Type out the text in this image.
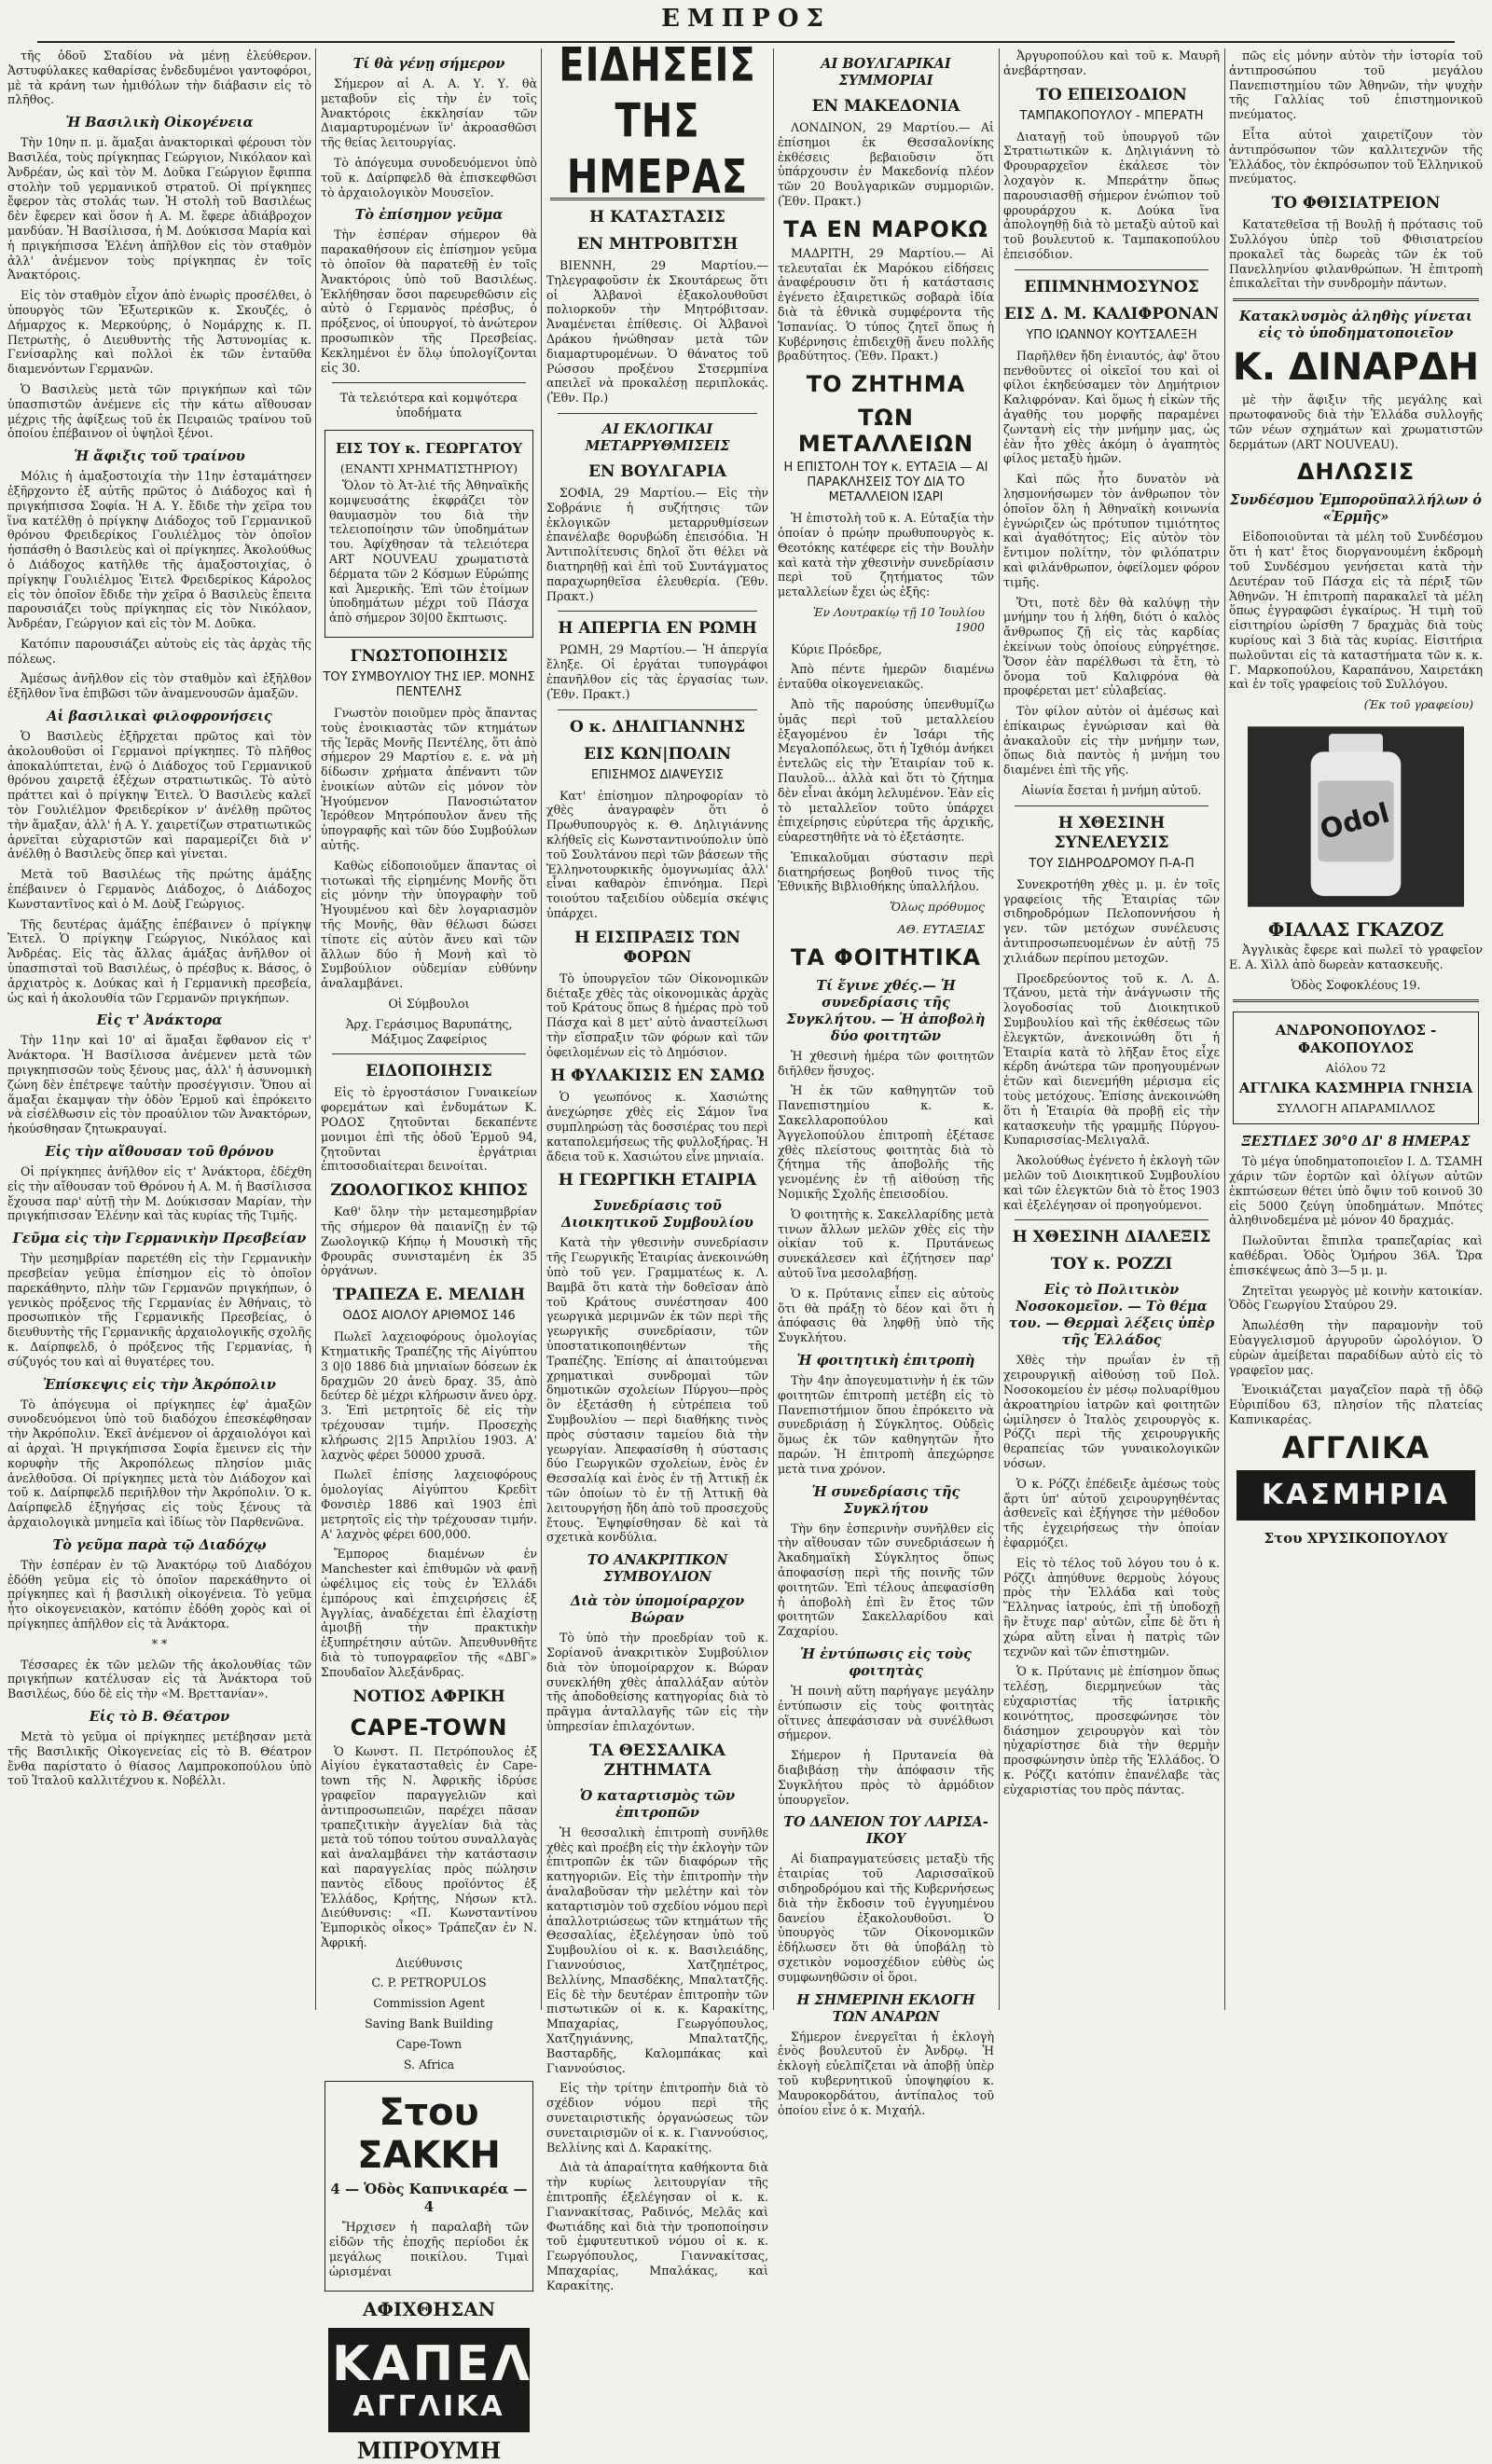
ΕΜΠΡΟΣ

τῆς ὁδοῦ Σταδίου νὰ μένῃ ἐλεύθερον. Ἀστυφύλακες καθαρίσας ἐνδεδυμένοι γαντοφόροι, μὲ τὰ κράνη των ἡμιθόλων τὴν διάβασιν εἰς τὸ πλῆθος.

Ἡ Βασιλικὴ Οἰκογένεια

Τὴν 10ην π. μ. ἅμαξαι ἀνακτορικαὶ φέρουσι τὸν Βασιλέα, τοὺς πρίγκηπας Γεώργιον, Νικόλαον καὶ Ἀνδρέαν, ὡς καὶ τὸν Μ. Δοῦκα Γεώργιον ἔφιππα στολὴν τοῦ γερμανικοῦ στρατοῦ. Οἱ πρίγκηπες ἔφερον τὰς στολάς των. Ἡ στολὴ τοῦ Βασιλέως δὲν ἔφερεν καὶ ὅσον ἡ Α. Μ. ἔφερε ἀδιάβροχον μανδύαν. Ἡ Βασίλισσα, ἡ Μ. Δούκισσα Μαρία καὶ ἡ πριγκήπισσα Ἑλένη ἀπῆλθον εἰς τὸν σταθμὸν ἀλλ' ἀνέμενον τοὺς πρίγκηπας ἐν τοῖς Ἀνακτόροις.

Εἰς τὸν σταθμὸν εἶχον ἀπὸ ἐνωρὶς προσέλθει, ὁ ὑπουργὸς τῶν Ἐξωτερικῶν κ. Σκουζές, ὁ Δήμαρχος κ. Μερκούρης, ὁ Νομάρχης κ. Π. Πετρωτὴς, ὁ Διευθυντὴς τῆς Ἀστυνομίας κ. Γενίσαρλης καὶ πολλοὶ ἐκ τῶν ἐνταῦθα διαμενόντων Γερμανῶν.

Ὁ Βασιλεὺς μετὰ τῶν πριγκήπων καὶ τῶν ὑπασπιστῶν ἀνέμενε εἰς τὴν κάτω αἴθουσαν μέχρις τῆς ἀφίξεως τοῦ ἐκ Πειραιῶς τραίνου τοῦ ὁποίου ἐπέβαινον οἱ ὑψηλοὶ ξένοι.

Ἡ ἄφιξις τοῦ τραίνου

Μόλις ἡ ἁμαξοστοιχία τὴν 11ην ἐσταμάτησεν ἐξῆρχοντο ἐξ αὐτῆς πρῶτος ὁ Διάδοχος καὶ ἡ πριγκήπισσα Σοφία. Ἡ Α. Υ. ἔδιδε τὴν χεῖρα του ἵνα κατέλθῃ ὁ πρίγκηψ Διάδοχος τοῦ Γερμανικοῦ θρόνου Φρειδερίκος Γουλιέλμος τὸν ὁποῖον ἠσπάσθη ὁ Βασιλεὺς καὶ οἱ πρίγκηπες. Ἀκολούθως ὁ Διάδοχος κατῆλθε τῆς ἁμαξοστοιχίας, ὁ πρίγκηψ Γουλιέλμος Ἐιτελ Φρειδερίκος Κάρολος εἰς τὸν ὁποῖον ἔδιδε τὴν χεῖρα ὁ Βασιλεὺς ἔπειτα παρουσιάζει τοὺς πρίγκηπας εἰς τὸν Νικόλαον, Ἀνδρέαν, Γεώργιον καὶ εἰς τὸν Μ. Δοῦκα.

Κατόπιν παρουσιάζει αὐτοὺς εἰς τὰς ἀρχὰς τῆς πόλεως.

Ἀμέσως ἀνῆλθον εἰς τὸν σταθμὸν καὶ ἐξῆλθον ἐξῆλθον ἵνα ἐπιβῶσι τῶν ἀναμενουσῶν ἁμαξῶν.

Αἱ βασιλικαὶ φιλοφρονήσεις

Ὁ Βασιλεὺς ἐξῆρχεται πρῶτος καὶ τὸν ἀκολουθοῦσι οἱ Γερμανοὶ πρίγκηπες. Τὸ πλῆθος ἀποκαλύπτεται, ἐνῷ ὁ Διάδοχος τοῦ Γερμανικοῦ θρόνου χαιρετᾷ ἐξέχων στρατιωτικῶς. Τὸ αὐτὸ πράττει καὶ ὁ πρίγκηψ Ἐιτελ. Ὁ Βασιλεὺς καλεῖ τὸν Γουλιέλμον Φρειδερίκον ν' ἀνέλθῃ πρῶτος τὴν ἅμαξαν, ἀλλ' ἡ Α. Υ. χαιρετίζων στρατιωτικῶς ἀρνεῖται εὐχαριστῶν καὶ παραμερίζει διὰ ν' ἀνέλθῃ ὁ Βασιλεὺς ὅπερ καὶ γίνεται.

Μετὰ τοῦ Βασιλέως τῆς πρώτης ἁμάξης ἐπέβαινεν ὁ Γερμανὸς Διάδοχος, ὁ Διάδοχος Κωνσταντῖνος καὶ ὁ Μ. Δοὺξ Γεώργιος.

Τῆς δευτέρας ἁμάξης ἐπέβαινεν ὁ πρίγκηψ Ἐιτελ. Ὁ πρίγκηψ Γεώργιος, Νικόλαος καὶ Ἀνδρέας. Εἰς τὰς ἄλλας ἁμάξας ἀνῆλθον οἱ ὑπασπισταὶ τοῦ Βασιλέως, ὁ πρέσβυς κ. Βάσος, ὁ ἀρχιατρὸς κ. Δούκας καὶ ἡ Γερμανικὴ πρεσβεία, ὡς καὶ ἡ ἀκολουθία τῶν Γερμανῶν πριγκήπων.

Εἰς τ' Ἀνάκτορα

Τὴν 11ην καὶ 10' αἱ ἅμαξαι ἔφθανον εἰς τ' Ἀνάκτορα. Ἡ Βασίλισσα ἀνέμενεν μετὰ τῶν πριγκηπισσῶν τοὺς ξένους μας, ἀλλ' ἡ ἀσυνομικὴ ζώνη δὲν ἐπέτρεψε ταὐτὴν προσέγγισιν. Ὅπου αἱ ἅμαξαι ἐκαμψαν τὴν ὁδὸν Ἑρμοῦ καὶ ἐπρόκειτο νὰ εἰσέλθωσιν εἰς τὸν προαύλιον τῶν Ἀνακτόρων, ἠκούσθησαν ζητωκραυγαί.

Εἰς τὴν αἴθουσαν τοῦ θρόνου

Οἱ πρίγκηπες ἀνῆλθον εἰς τ' Ἀνάκτορα, ἐδέχθη εἰς τὴν αἴθουσαν τοῦ Θρόνου ἡ Α. Μ. ἡ Βασίλισσα ἔχουσα παρ' αὐτῇ τὴν Μ. Δούκισσαν Μαρίαν, τὴν πριγκήπισσαν Ἑλένην καὶ τὰς κυρίας τῆς Τιμῆς.

Γεῦμα εἰς τὴν Γερμανικὴν Πρεσβείαν

Τὴν μεσημβρίαν παρετέθη εἰς τὴν Γερμανικὴν πρεσβείαν γεῦμα ἐπίσημον εἰς τὸ ὁποῖον παρεκάθηντο, πλὴν τῶν Γερμανῶν πριγκήπων, ὁ γενικὸς πρόξενος τῆς Γερμανίας ἐν Ἀθήναις, τὸ προσωπικὸν τῆς Γερμανικῆς Πρεσβείας, ὁ διευθυντὴς τῆς Γερμανικῆς ἀρχαιολογικῆς σχολῆς κ. Δαίρπφελδ, ὁ πρόξενος τῆς Γερμανίας, ἡ σύζυγός του καὶ αἱ θυγατέρες του.

Ἐπίσκεψις εἰς τὴν Ἀκρόπολιν

Τὸ ἀπόγευμα οἱ πρίγκηπες ἐφ' ἁμαξῶν συνοδευόμενοι ὑπὸ τοῦ διαδόχου ἐπεσκέφθησαν τὴν Ἀκρόπολιν. Ἐκεῖ ἀνέμενον οἱ ἀρχαιολόγοι καὶ αἱ ἀρχαὶ. Ἡ πριγκήπισσα Σοφία ἔμεινεν εἰς τὴν κορυφὴν τῆς Ἀκροπόλεως πλησίον μιᾶς ἀνελθοῦσα. Οἱ πρίγκηπες μετὰ τὸν Διάδοχον καὶ τοῦ κ. Δαίρπφελδ περιῆλθον τὴν Ἀκρόπολιν. Ὁ κ. Δαίρπφελδ ἐξηγήσας εἰς τοὺς ξένους τὰ ἀρχαιολογικὰ μνημεῖα καὶ ἰδίως τὸν Παρθενῶνα.

Τὸ γεῦμα παρὰ τῷ Διαδόχῳ

Τὴν ἑσπέραν ἐν τῷ Ἀνακτόρῳ τοῦ Διαδόχου ἐδόθη γεῦμα εἰς τὸ ὁποῖον παρεκάθηντο οἱ πρίγκηπες καὶ ἡ βασιλικὴ οἰκογένεια. Τὸ γεῦμα ἦτο οἰκογενειακὸν, κατόπιν ἐδόθη χορὸς καὶ οἱ πρίγκηπες ἀπῆλθον εἰς τὰ Ἀνάκτορα.

* *

Τέσσαρες ἐκ τῶν μελῶν τῆς ἀκολουθίας τῶν πριγκήπων κατέλυσαν εἰς τὰ Ἀνάκτορα τοῦ Βασιλέως, δύο δὲ εἰς τὴν «Μ. Βρεττανίαν».

Εἰς τὸ Β. Θέατρον

Μετὰ τὸ γεῦμα οἱ πρίγκηπες μετέβησαν μετὰ τῆς Βασιλικῆς Οἰκογενείας εἰς τὸ Β. Θέατρον ἔνθα παρίστατο ὁ θίασος Λαμπροκοπούλου ὑπὸ τοῦ Ἰταλοῦ καλλιτέχνου κ. Νοβέλλι.

Τί θὰ γένῃ σήμερον

Σήμερον αἱ Α. Α. Υ. Υ. θὰ μεταβοῦν εἰς τὴν ἐν τοῖς Ἀνακτόροις ἐκκλησίαν τῶν Διαμαρτυρομένων ἵν' ἀκροασθῶσι τῆς θείας λειτουργίας.

Τὸ ἀπόγευμα συνοδευόμενοι ὑπὸ τοῦ κ. Δαίρπφελδ θὰ ἐπισκεφθῶσι τὸ ἀρχαιολογικὸν Μουσεῖον.

Τὸ ἐπίσημον γεῦμα

Τὴν ἑσπέραν σήμερον θὰ παρακαθήσουν εἰς ἐπίσημον γεῦμα τὸ ὁποῖον θὰ παρατεθῇ ἐν τοῖς Ἀνακτόροις ὑπὸ τοῦ Βασιλέως. Ἐκλήθησαν ὅσοι παρευρεθῶσιν εἰς αὐτὸ ὁ Γερμανὸς πρέσβυς, ὁ πρόξενος, οἱ ὑπουργοί, τὸ ἀνώτερον προσωπικὸν τῆς Πρεσβείας. Κεκλημένοι ἐν ὅλῳ ὑπολογίζονται εἰς 30.

Τὰ τελειότερα καὶ κομψότερα ὑποδήματα

ΕΙΣ ΤΟΥ κ. ΓΕΩΡΓΑΤΟΥ
(ΕΝΑΝΤΙ ΧΡΗΜΑΤΙΣΤΗΡΙΟΥ)

Ὅλον τὸ Ἀτ-λιέ τῆς Ἀθηναϊκῆς κομψευσάτης ἐκφράζει τὸν θαυμασμὸν του διὰ τὴν τελειοποίησιν τῶν ὑποδημάτων του. Ἀφίχθησαν τὰ τελειότερα ART NOUVEAU χρωματιστὰ δέρματα τῶν 2 Κόσμων Εὐρώπης καὶ Ἀμερικῆς. Ἐπὶ τῶν ἐτοίμων ὑποδημάτων μέχρι τοῦ Πάσχα ἀπὸ σήμερον 30|00 ἔκπτωσις.

ΓΝΩΣΤΟΠΟΙΗΣΙΣ
ΤΟΥ ΣΥΜΒΟΥΛΙΟΥ ΤΗΣ ΙΕΡ. ΜΟΝΗΣ ΠΕΝΤΕΛΗΣ

Γνωστὸν ποιοῦμεν πρὸς ἅπαντας τοὺς ἐνοικιαστὰς τῶν κτημάτων τῆς Ἱερᾶς Μονῆς Πεντέλης, ὅτι ἀπὸ σήμερον 29 Μαρτίου ε. ε. νὰ μὴ δίδωσιν χρήματα ἀπέναντι τῶν ἐνοικίων αὐτῶν εἰς μόνον τὸν Ἡγούμενον Πανοσιώτατον Ἱερόθεον Μητρόπουλον ἄνευ τῆς ὑπογραφῆς καὶ τῶν δύο Συμβούλων αὐτῆς.

Καθὼς εἰδοποιοῦμεν ἅπαντας οἱ τιοτωκαὶ τῆς εἰρημένης Μονῆς ὅτι εἰς μόνην τὴν ὑπογραφὴν τοῦ Ἡγουμένου καὶ δὲν λογαριασμὸν τῆς Μονῆς, θὰν θέλωσι δώσει τίποτε εἰς αὐτὸν ἄνευ καὶ τῶν ἄλλων δύο ἡ Μονὴ καὶ τὸ Συμβούλιον οὐδεμίαν εὐθύνην ἀναλαμβάνει.

Οἱ Σύμβουλοι

Ἀρχ. Γεράσιμος Βαρυπάτης, Μάξιμος Ζαφείριος

ΕΙΔΟΠΟΙΗΣΙΣ

Εἰς τὸ ἐργοστάσιον Γυναικείων φορεμάτων καὶ ἐνδυμάτων Κ. ΡΟΔΟΣ ζητοῦνται δεκαπέντε μονιμοι ἐπὶ τῆς ὁδοῦ Ἑρμοῦ 94, ζητοῦνται ἐργάτριαι ἐπιτοσοδιαίτεραι δεινοίται.

ΖΩΟΛΟΓΙΚΟΣ ΚΗΠΟΣ

Καθ' ὅλην τὴν μεταμεσημβρίαν τῆς σήμερον θὰ παιανίζῃ ἐν τῷ Ζωολογικῷ Κήπῳ ἡ Μουσικὴ τῆς Φρουρᾶς συνισταμένη ἐκ 35 ὀργάνων.

ΤΡΑΠΕΖΑ Ε. ΜΕΛΙΔΗ
ΟΔΟΣ ΑΙΟΛΟΥ ΑΡΙΘΜΟΣ 146

Πωλεῖ λαχειοφόρους ὁμολογίας Κτηματικῆς Τραπέζης τῆς Αἰγύπτου 3 0|0 1886 διὰ μηνιαίων δόσεων ἐκ δραχμῶν 20 ἀνεὺ δραχ. 35, ἀπὸ δεύτερ δὲ μέχρι κλήρωσιν ἄνευ ὀρχ. 3. Ἐπὶ μετρητοῖς δὲ εἰς τὴν τρέχουσαν τιμήν. Προσεχὴς κλήρωσις 2|15 Ἀπριλίου 1903. Α' λαχνὸς φέρει 50000 χρυσᾶ.

Πωλεῖ ἐπίσης λαχειοφόρους ὁμολογίας Αἰγύπτου Κρεδὶτ Φονσιὲρ 1886 καὶ 1903 ἐπὶ μετρητοῖς εἰς τὴν τρέχουσαν τιμήν. Α' λαχνὸς φέρει 600,000.

Ἔμπορος διαμένων ἐν Manchester καὶ ἐπιθυμῶν νὰ φανῇ ὠφέλιμος εἰς τοὺς ἐν Ἑλλάδι ἐμπόρους καὶ ἐπιχειρήσεις ἐξ Ἀγγλίας, ἀναδέχεται ἐπὶ ἐλαχίστῃ ἀμοιβῇ τὴν πρακτικὴν ἐξυπηρέτησιν αὐτῶν. Ἀπευθυνθῆτε διὰ τὸ τυπογραφεῖον τῆς «ΔΒΓ» Σπουδαῖον Ἀλεξάνδρας.

ΝΟΤΙΟΣ ΑΦΡΙΚΗ
CAPE-TOWN

Ὁ Κωνστ. Π. Πετρόπουλος ἐξ Αἰγίου ἐγκατασταθεὶς ἐν Cape-town τῆς Ν. Ἀφρικῆς ἱδρύσε γραφεῖον παραγγελιῶν καὶ ἀντιπροσωπειῶν, παρέχει πᾶσαν τραπεζιτικὴν ἀγγελίαν διὰ τὰς μετὰ τοῦ τόπου τούτου συναλλαγὰς καὶ ἀναλαμβάνει τὴν κατάστασιν καὶ παραγγελίας πρὸς πώλησιν παντὸς εἴδους προϊόντος ἐξ Ἑλλάδος, Κρήτης, Νήσων κτλ. Διεύθυνσις: «Π. Κωνσταντίνου Ἐμπορικὸς οἶκος» Τράπεζαν ἐν Ν. Ἀφρική.

Διεύθυνσις

C. P. PETROPULOS

Commission Agent

Saving Bank Building

Cape-Town

S. Africa

Στου ΣΑΚΚΗ
4 — Ὁδὸς Καπνικαρέα — 4

Ἤρχισεν ἡ παραλαβὴ τῶν εἰδῶν τῆς ἐποχῆς περίοδοι ἐκ μεγάλως ποικίλου. Τιμαὶ ὡρισμέναι

ΑΦΙΧΘΗΣΑΝ
ΚΑΠΕΛΑ
ΑΓΓΛΙΚΑ
ΜΠΡΟΥΜΗ
ΕΙΔΗΣΕΙΣ ΤΗΣ ΗΜΕΡΑΣ
Η ΚΑΤΑΣΤΑΣΙΣ
ΕΝ ΜΗΤΡΟΒΙΤΣΗ

ΒΙΕΝΝΗ, 29 Μαρτίου.— Τηλεγραφοῦσιν ἐκ Σκουτάρεως ὅτι οἱ Ἀλβανοὶ ἐξακολουθοῦσι πολιορκοῦν τὴν Μητρόβιτσαν. Ἀναμένεται ἐπίθεσις. Οἱ Ἀλβανοὶ Δράκου ἠνώθησαν μετὰ τῶν διαμαρτυρομένων. Ὁ θάνατος τοῦ Ρώσσου προξένου Στσερμπίνα απειλεῖ νὰ προκαλέσῃ περιπλοκάς. (Ἐθν. Πρ.)

ΑΙ ΕΚΛΟΓΙΚΑΙ ΜΕΤΑΡΡΥΘΜΙΣΕΙΣ
ΕΝ ΒΟΥΛΓΑΡΙΑ

ΣΟΦΙΑ, 29 Μαρτίου.— Εἰς τὴν Σοβράνιε ἡ συζήτησις τῶν ἐκλογικῶν μεταρρυθμίσεων ἐπανέλαβε θορυβώδη ἐπεισόδια. Ἡ Ἀντιπολίτευσις δηλοῖ ὅτι θέλει νὰ διατηρηθῇ καὶ ἐπὶ τοῦ Συντάγματος παραχωρηθεῖσα ἐλευθερία. (Ἐθν. Πρακτ.)

Η ΑΠΕΡΓΙΑ ΕΝ ΡΩΜΗ

ΡΩΜΗ, 29 Μαρτίου.— Ἡ ἀπεργία ἔληξε. Οἱ ἐργάται τυπογράφοι ἐπανῆλθον εἰς τὰς ἐργασίας των. (Ἐθν. Πρακτ.)

Ο κ. ΔΗΛΙΓΙΑΝΝΗΣ
ΕΙΣ ΚΩΝ|ΠΟΛΙΝ
ΕΠΙΣΗΜΟΣ ΔΙΑΨΕΥΣΙΣ

Κατ' ἐπίσημον πληροφορίαν τὸ χθὲς ἀναγραφὲν ὅτι ὁ Πρωθυπουργὸς κ. Θ. Δηλιγιάννης κλήθεῖς εἰς Κωνσταντινούπολιν ὑπὸ τοῦ Σουλτάνου περὶ τῶν βάσεων τῆς Ἑλληνοτουρκικῆς ὁμογνωμίας ἀλλ' εἶναι καθαρὸν ἐπινόημα. Περὶ τοιούτου ταξειδίου οὐδεμία σκέψις ὑπάρχει.

Η ΕΙΣΠΡΑΞΙΣ ΤΩΝ ΦΟΡΩΝ

Τὸ ὑπουργεῖον τῶν Οἰκονομικῶν διέταξε χθὲς τὰς οἰκονομικὰς ἀρχὰς τοῦ Κράτους ὅπως 8 ἡμέρας πρὸ τοῦ Πάσχα καὶ 8 μετ' αὐτὸ ἀναστείλωσι τὴν εἴσπραξιν τῶν φόρων καὶ τῶν ὀφειλομένων εἰς τὸ Δημόσιον.

Η ΦΥΛΑΚΙΣΙΣ ΕΝ ΣΑΜΩ

Ὁ γεωπόνος κ. Χασιώτης ἀνεχώρησε χθὲς εἰς Σάμον ἵνα συμπληρώσῃ τὰς δοσσιέρας του περὶ καταπολεμήσεως τῆς φυλλοξήρας. Ἡ ἄδεια τοῦ κ. Χασιώτου εἶνε μηνιαία.

Η ΓΕΩΡΓΙΚΗ ΕΤΑΙΡΙΑ
Συνεδρίασις τοῦ Διοικητικοῦ Συμβουλίου

Κατὰ τὴν γθεσινὴν συνεδρίασιν τῆς Γεωργικῆς Ἑταιρίας ἀνεκοινώθη ὑπὸ τοῦ γεν. Γραμματέως κ. Λ. Βαμβᾶ ὅτι κατὰ τὴν δοθεῖσαν ἀπὸ τοῦ Κράτους συνέστησαν 400 γεωργικὰ μεριμνῶν ἐκ τῶν περὶ τῆς γεωργικῆς συνεδρίασιν, τῶν ὑποστατικοποιηθέντων τῆς Τραπέζης. Ἐπίσης αἱ ἀπαιτούμεναι χρηματικαὶ συνδρομαὶ τῶν δημοτικῶν σχολείων Πύργου—πρὸς ὃν ἐξετάσθη ἡ εὐτρέπεια τοῦ Συμβουλίου — περὶ διαθήκης τινὸς πρὸς σύστασιν ταμείου διὰ τὴν γεωργίαν. Ἀπεφασίσθη ἡ σύστασις δύο Γεωργικῶν σχολείων, ἑνὸς ἐν Θεσσαλίᾳ καὶ ἑνὸς ἐν τῇ Ἀττικῇ ἐκ τῶν ὁποίων τὸ ἐν τῇ Ἀττικῇ θὰ λειτουργήσῃ ἤδη ἀπὸ τοῦ προσεχοῦς ἔτους. Ἐψηφίσθησαν δὲ καὶ τὰ σχετικὰ κονδύλια.

ΤΟ ΑΝΑΚΡΙΤΙΚΟΝ ΣΥΜΒΟΥΛΙΟΝ
Διὰ τὸν ὑπομοίραρχον Βώραν

Τὸ ὑπὸ τὴν προεδρίαν τοῦ κ. Σορίανοῦ ἀνακριτικὸν Συμβούλιον διὰ τὸν ὑπομοίραρχον κ. Βώραν συνεκλήθη χθὲς ἀπαλλάξαν αὐτὸν τῆς ἀποδοθείσης κατηγορίας διὰ τὸ πρᾶγμα ἀνταλλαγῆς τῶν εἰς τὴν ὑπηρεσίαν ἐπιλαχόντων.

ΤΑ ΘΕΣΣΑΛΙΚΑ ΖΗΤΗΜΑΤΑ
Ὁ καταρτισμὸς τῶν ἐπιτροπῶν

Ἡ θεσσαλικὴ ἐπιτροπὴ συνῆλθε χθὲς καὶ προέβη εἰς τὴν ἐκλογὴν τῶν ἐπιτροπῶν ἐκ τῶν διαφόρων τῆς κατηγοριῶν. Εἰς τὴν ἐπιτροπὴν τὴν ἀναλαβοῦσαν τὴν μελέτην καὶ τὸν καταρτισμὸν τοῦ σχεδίου νόμου περὶ ἀπαλλοτριώσεως τῶν κτημάτων τῆς Θεσσαλίας, ἐξελέγησαν ὑπὸ τοῦ Συμβουλίου οἱ κ. κ. Βασιλειάδης, Γιαννούσιος, Χατζηπέτρος, Βελλίνης, Μπασδέκης, Μπαλτατζῆς. Εἰς δὲ τὴν δευτέραν ἐπιτροπὴν τῶν πιστωτικῶν οἱ κ. κ. Καρακίτης, Μπαχαρίας, Γεωργόπουλος, Χατζηγιάννης, Μπαλτατζῆς, Βασταρδῆς, Καλομπάκας καὶ Γιαννούσιος.

Εἰς τὴν τρίτην ἐπιτροπὴν διὰ τὸ σχέδιον νόμου περὶ τῆς συνεταιριστικῆς ὀργανώσεως τῶν συνεταιρισμῶν οἱ κ. κ. Γιαννούσιος, Βελλίνης καὶ Δ. Καρακίτης.

Διὰ τὰ ἀπαραίτητα καθήκοντα διὰ τὴν κυρίως λειτουργίαν τῆς ἐπιτροπῆς ἐξελέγησαν οἱ κ. κ. Γιαννακίτσας, Ραδινός, Μελᾶς καὶ Φωτιάδης καὶ διὰ τὴν τροποποίησιν τοῦ ἐμφυτευτικοῦ νόμου οἱ κ. κ. Γεωργόπουλος, Γιαννακίτσας, Μπαχαρίας, Μπαλάκας, καὶ Καρακίτης.

ΑΙ ΒΟΥΛΓΑΡΙΚΑΙ ΣΥΜΜΟΡΙΑΙ
ΕΝ ΜΑΚΕΔΟΝΙΑ

ΛΟΝΔΙΝΟΝ, 29 Μαρτίου.— Αἱ ἐπίσημοι ἐκ Θεσσαλονίκης ἐκθέσεις βεβαιοῦσιν ὅτι ὑπάρχουσιν ἐν Μακεδονίᾳ πλέον τῶν 20 Βουλγαρικῶν συμμοριῶν. (Ἐθν. Πρακτ.)

ΤΑ ΕΝ ΜΑΡΟΚΩ

ΜΑΔΡΙΤΗ, 29 Μαρτίου.— Αἱ τελευταῖαι ἐκ Μαρόκου εἰδήσεις ἀναφέρουσιν ὅτι ἡ κατάστασις ἐγένετο ἐξαιρετικῶς σοβαρὰ ἰδία διὰ τὰ ἐθνικὰ συμφέροντα τῆς Ἱσπανίας. Ὁ τύπος ζητεῖ ὅπως ἡ Κυβέρνησις ἐπιδειχθῇ ἄνευ πολλῆς βραδύτητος. (Ἐθν. Πρακτ.)

ΤΟ ΖΗΤΗΜΑ
ΤΩΝ ΜΕΤΑΛΛΕΙΩΝ
Η ΕΠΙΣΤΟΛΗ ΤΟΥ κ. ΕΥΤΑΞΙΑ — ΑΙ ΠΑΡΑΚΛΗΣΕΙΣ ΤΟΥ ΔΙΑ ΤΟ ΜΕΤΑΛΛΕΙΟΝ ΙΣΑΡΙ

Ἡ ἐπιστολὴ τοῦ κ. Α. Εὐταξία τὴν ὁποίαν ὁ πρώην πρωθυπουργὸς κ. Θεοτόκης κατέφερε εἰς τὴν Βουλὴν καὶ κατὰ τὴν χθεσινὴν συνεδρίασιν περὶ τοῦ ζητήματος τῶν μεταλλείων ἔχει ὡς ἑξῆς:

Ἐν Λουτρακίῳ τῇ 10 Ἰουλίου 1900

Κύριε Πρόεδρε,

Ἀπὸ πέντε ἡμερῶν διαμένω ἐνταῦθα οἰκογενειακῶς.

Ἀπὸ τῆς παρούσης ὑπενθυμίζω ὑμᾶς περὶ τοῦ μεταλλείου ἐξαγομένου ἐν Ἰσάρι τῆς Μεγαλοπόλεως, ὅτι ἡ Ἰχθιόμ ἀνήκει ἐντελῶς εἰς τὴν Ἑταιρίαν τοῦ κ. Παυλοῦ... ἀλλὰ καὶ ὅτι τὸ ζήτημα δὲν εἶναι ἀκόμη λελυμένον. Ἐὰν εἰς τὸ μεταλλεῖον τοῦτο ὑπάρχει ἐπιχείρησις εὐρύτερα τῆς ἀρχικῆς, εὐαρεστηθῆτε νὰ τὸ ἐξετάσητε.

Ἐπικαλοῦμαι σύστασιν περὶ διατηρήσεως βοηθοῦ τινος τῆς Ἐθνικῆς Βιβλιοθήκης ὑπαλλήλου.

Ὅλως πρόθυμος

ΑΘ. ΕΥΤΑΞΙΑΣ

ΤΑ ΦΟΙΤΗΤΙΚΑ
Τί ἔγινε χθές.— Ἡ συνεδρίασις τῆς Συγκλήτου. — Ἡ ἀποβολὴ δύο φοιτητῶν

Ἡ χθεσινὴ ἡμέρα τῶν φοιτητῶν διῆλθεν ἥσυχος.

Ἡ ἐκ τῶν καθηγητῶν τοῦ Πανεπιστημίου κ. κ. Σακελλαροπούλου καὶ Ἀγγελοπούλου ἐπιτροπὴ ἐξέτασε χθὲς πλείστους φοιτητὰς διὰ τὸ ζήτημα τῆς ἀποβολῆς τῆς γενομένης ἐν τῇ αἰθούσῃ τῆς Νομικῆς Σχολῆς ἐπεισοδίου.

Ὁ φοιτητὴς κ. Σακελλαρίδης μετὰ τινων ἄλλων μελῶν χθὲς εἰς τὴν οἰκίαν τοῦ κ. Πρυτάνεως συνεκάλεσεν καὶ ἐζήτησεν παρ' αὐτοῦ ἵνα μεσολαβήσῃ.

Ὁ κ. Πρύτανις εἶπεν εἰς αὐτοὺς ὅτι θὰ πράξῃ τὸ δέον καὶ ὅτι ἡ ἀπόφασις θὰ ληφθῇ ὑπὸ τῆς Συγκλήτου.

Ἡ φοιτητικὴ ἐπιτροπὴ

Τὴν 4ην ἀπογευματινὴν ἡ ἐκ τῶν φοιτητῶν ἐπιτροπὴ μετέβη εἰς τὸ Πανεπιστήμιον ὅπου ἐπρόκειτο νὰ συνεδριάσῃ ἡ Σύγκλητος. Οὐδεὶς ὅμως ἐκ τῶν καθηγητῶν ἦτο παρών. Ἡ ἐπιτροπὴ ἀπεχώρησε μετὰ τινα χρόνον.

Ἡ συνεδρίασις τῆς Συγκλήτου

Τὴν 6ην ἑσπερινὴν συνῆλθεν εἰς τὴν αἴθουσαν τῶν συνεδριάσεων ἡ Ἀκαδημαϊκὴ Σύγκλητος ὅπως ἀποφασίσῃ περὶ τῆς ποινῆς τῶν φοιτητῶν. Ἐπὶ τέλους ἀπεφασίσθη ἡ ἀποβολὴ ἐπὶ ἓν ἔτος τῶν φοιτητῶν Σακελλαρίδου καὶ Ζαχαρίου.

Ἡ ἐντύπωσις εἰς τοὺς φοιτητὰς

Ἡ ποινὴ αὕτη παρήγαγε μεγάλην ἐντύπωσιν εἰς τοὺς φοιτητὰς οἵτινες ἀπεφάσισαν νὰ συνέλθωσι σήμερον.

Σήμερον ἡ Πρυτανεία θὰ διαβιβάσῃ τὴν ἀπόφασιν τῆς Συγκλήτου πρὸς τὸ ἀρμόδιον ὑπουργεῖον.

ΤΟ ΔΑΝΕΙΟΝ ΤΟΥ ΛΑΡΙΣΑ-ΙΚΟΥ

Αἱ διαπραγματεύσεις μεταξὺ τῆς ἑταιρίας τοῦ Λαρισσαϊκοῦ σιδηροδρόμου καὶ τῆς Κυβερνήσεως διὰ τὴν ἔκδοσιν τοῦ ἐγγυημένου δανείου ἐξακολουθοῦσι. Ὁ ὑπουργὸς τῶν Οἰκονομικῶν ἐδήλωσεν ὅτι θὰ ὑποβάλῃ τὸ σχετικὸν νομοσχέδιον εὐθὺς ὡς συμφωνηθῶσιν οἱ ὅροι.

Η ΣΗΜΕΡΙΝΗ ΕΚΛΟΓΗ ΤΩΝ ΑΝΑΡΩΝ

Σήμερον ἐνεργεῖται ἡ ἐκλογὴ ἑνὸς βουλευτοῦ ἐν Ἀνδρῳ. Ἡ ἐκλογὴ εὐελπίζεται νὰ ἀποβῇ ὑπὲρ τοῦ κυβερνητικοῦ ὑποψηφίου κ. Μαυροκορδάτου, ἀντίπαλος τοῦ ὁποίου εἶνε ὁ κ. Μιχαήλ.

Ἀργυροπούλου καὶ τοῦ κ. Μαυρῆ ἀνεβάρτησαν.

ΤΟ ΕΠΕΙΣΟΔΙΟΝ
ΤΑΜΠΑΚΟΠΟΥΛΟΥ - ΜΠΕΡΑΤΗ

Διαταγῇ τοῦ ὑπουργοῦ τῶν Στρατιωτικῶν κ. Δηλιγιάννη τὸ Φρουραρχεῖον ἐκάλεσε τὸν λοχαγὸν κ. Μπεράτην ὅπως παρουσιασθῇ σήμερον ἐνώπιον τοῦ φρουράρχου κ. Δούκα ἵνα ἀπολογηθῇ διὰ τὸ μεταξὺ αὐτοῦ καὶ τοῦ βουλευτοῦ κ. Ταμπακοπούλου ἐπεισόδιον.

ΕΠΙΜΝΗΜΟΣΥΝΟΣ
ΕΙΣ Δ. Μ. ΚΑΛΙΦΡΟΝΑΝ
ΥΠΟ ΙΩΑΝΝΟΥ ΚΟΥΤΣΑΛΕΞΗ

Παρῆλθεν ἤδη ἐνιαυτός, ἀφ' ὅτου πενθοῦντες οἱ οἰκεῖοί του καὶ οἱ φίλοι ἐκηδεύσαμεν τὸν Δημήτριον Καλιφρόναν. Καὶ ὅμως ἡ εἰκὼν τῆς ἀγαθῆς του μορφῆς παραμένει ζωντανὴ εἰς τὴν μνήμην μας, ὡς ἐὰν ἦτο χθὲς ἀκόμη ὁ ἀγαπητὸς φίλος μεταξὺ ἡμῶν.

Καὶ πῶς ἦτο δυνατὸν νὰ λησμονήσωμεν τὸν ἀνθρωπον τὸν ὁποῖον ὅλη ἡ Ἀθηναϊκὴ κοινωνία ἐγνώριζεν ὡς πρότυπον τιμιότητος καὶ ἀγαθότητος; Εἰς αὐτὸν τὸν ἔντιμον πολίτην, τὸν φιλόπατριν καὶ φιλάνθρωπον, ὀφείλομεν φόρον τιμῆς.

Ὅτι, ποτὲ δὲν θὰ καλύψῃ τὴν μνήμην του ἡ λήθη, διότι ὁ καλὸς ἄνθρωπος ζῇ εἰς τὰς καρδίας ἐκείνων τοὺς ὁποίους εὐηργέτησε. Ὅσον ἐὰν παρέλθωσι τὰ ἔτη, τὸ ὄνομα τοῦ Καλιφρόνα θὰ προφέρεται μετ' εὐλαβείας.

Τὸν φίλον αὐτὸν οἱ ἀμέσως καὶ ἐπίκαιρως ἐγνώρισαν καὶ θὰ ἀνακαλοῦν εἰς τὴν μνήμην των, ὅπως διὰ παντὸς ἡ μνήμη του διαμένει ἐπὶ τῆς γῆς.

Αἰωνία ἔσεται ἡ μνήμη αὐτοῦ.

Η ΧΘΕΣΙΝΗ ΣΥΝΕΛΕΥΣΙΣ
ΤΟΥ ΣΙΔΗΡΟΔΡΟΜΟΥ Π-Α-Π

Συνεκροτήθη χθὲς μ. μ. ἐν τοῖς γραφείοις τῆς Ἑταιρίας τῶν σιδηροδρόμων Πελοποννήσου ἡ γεν. τῶν μετόχων συνέλευσις ἀντιπροσωπευομένων ἐν αὐτῇ 75 χιλιάδων περίπου μετοχῶν.

Προεδρεύοντος τοῦ κ. Λ. Δ. Τζάνου, μετὰ τὴν ἀνάγνωσιν τῆς λογοδοσίας τοῦ Διοικητικοῦ Συμβουλίου καὶ τῆς ἐκθέσεως τῶν ἐλεγκτῶν, ἀνεκοινώθη ὅτι ἡ Ἑταιρία κατὰ τὸ λῆξαν ἔτος εἶχε κέρδη ἀνώτερα τῶν προηγουμένων ἐτῶν καὶ διενεμήθη μέρισμα εἰς τοὺς μετόχους. Ἐπίσης ἀνεκοινώθη ὅτι ἡ Ἑταιρία θὰ προβῇ εἰς τὴν κατασκευὴν τῆς γραμμῆς Πύργου-Κυπαρισσίας-Μελιγαλᾶ.

Ἀκολούθως ἐγένετο ἡ ἐκλογὴ τῶν μελῶν τοῦ Διοικητικοῦ Συμβουλίου καὶ τῶν ἐλεγκτῶν διὰ τὸ ἔτος 1903 καὶ ἐξελέγησαν οἱ προηγούμενοι.

Η ΧΘΕΣΙΝΗ ΔΙΑΛΕΞΙΣ
ΤΟΥ κ. ΡΟΖΖΙ
Εἰς τὸ Πολιτικὸν Νοσοκομεῖον. — Τὸ θέμα του. — Θερμαὶ λέξεις ὑπὲρ τῆς Ἑλλάδος

Χθὲς τὴν πρωΐαν ἐν τῇ χειρουργικῇ αἰθούσῃ τοῦ Πολ. Νοσοκομείου ἐν μέσῳ πολυαρίθμου ἀκροατηρίου ἰατρῶν καὶ φοιτητῶν ὡμίλησεν ὁ Ἰταλὸς χειρουργὸς κ. Ρόζζι περὶ τῆς χειρουργικῆς θεραπείας τῶν γυναικολογικῶν νόσων.

Ὁ κ. Ρόζζι ἐπέδειξε ἀμέσως τοὺς ἄρτι ὑπ' αὐτοῦ χειρουργηθέντας ἀσθενεῖς καὶ ἐξήγησε τὴν μέθοδον τῆς ἐγχειρήσεως τὴν ὁποίαν ἐφαρμόζει.

Εἰς τὸ τέλος τοῦ λόγου του ὁ κ. Ρόζζι ἀπηύθυνε θερμοὺς λόγους πρὸς τὴν Ἑλλάδα καὶ τοὺς Ἕλληνας ἰατρούς, ἐπὶ τῇ ὑποδοχῇ ἣν ἔτυχε παρ' αὐτῶν, εἶπε δὲ ὅτι ἡ χώρα αὕτη εἶναι ἡ πατρὶς τῶν τεχνῶν καὶ τῶν ἐπιστημῶν.

Ὁ κ. Πρύτανις μὲ ἐπίσημον ὅπως τελέσῃ, διερμηνεύων τὰς εὐχαριστίας τῆς ἰατρικῆς κοινότητος, προσεφώνησε τὸν διάσημον χειρουργὸν καὶ τὸν ηὐχαρίστησε διὰ τὴν θερμὴν προσφώνησιν ὑπὲρ τῆς Ἑλλάδος. Ὁ κ. Ρόζζι κατόπιν ἐπανέλαβε τὰς εὐχαριστίας του πρὸς πάντας.

πῶς εἰς μόνην αὐτὸν τὴν ἱστορία τοῦ ἀντιπροσώπου τοῦ μεγάλου Πανεπιστημίου τῶν Ἀθηνῶν, τὴν ψυχὴν τῆς Γαλλίας τοῦ ἐπιστημονικοῦ πνεύματος.

Εἶτα αὐτοὶ χαιρετίζουν τὸν ἀντιπρόσωπον τῶν καλλιτεχνῶν τῆς Ἑλλάδος, τὸν ἐκπρόσωπον τοῦ Ἑλληνικοῦ πνεύματος.

ΤΟ ΦΘΙΣΙΑΤΡΕΙΟΝ

Κατατεθεῖσα τῇ Βουλῇ ἡ πρότασις τοῦ Συλλόγου ὑπὲρ τοῦ Φθισιατρείου προκαλεῖ τὰς δωρεὰς τῶν ἐκ τοῦ Πανελληνίου φιλανθρώπων. Ἡ ἐπιτροπὴ ἐπικαλεῖται τὴν συνδρομὴν πάντων.

Κατακλυσμὸς ἀληθὴς γίνεται εἰς τὸ ὑποδηματοποιεῖον
Κ. ΔΙΝΑΡΔΗ

μὲ τὴν ἄφιξιν τῆς μεγάλης καὶ πρωτοφανοῦς διὰ τὴν Ἑλλάδα συλλογῆς τῶν νέων σχημάτων καὶ χρωματιστῶν δερμάτων (ART NOUVEAU).

ΔΗΛΩΣΙΣ
Συνδέσμου Ἐμποροϋπαλλήλων ὁ «Ἑρμῆς»

Εἰδοποιοῦνται τὰ μέλη τοῦ Συνδέσμου ὅτι ἡ κατ' ἔτος διοργανουμένη ἐκδρομὴ τοῦ Συνδέσμου γενήσεται κατὰ τὴν Δευτέραν τοῦ Πάσχα εἰς τὰ πέριξ τῶν Ἀθηνῶν. Ἡ ἐπιτροπὴ παρακαλεῖ τὰ μέλη ὅπως ἐγγραφῶσι ἐγκαίρως. Ἡ τιμὴ τοῦ εἰσιτηρίου ὡρίσθη 7 δραχμὰς διὰ τοὺς κυρίους καὶ 3 διὰ τὰς κυρίας. Εἰσιτήρια πωλοῦνται εἰς τὰ καταστήματα τῶν κ. κ. Γ. Μαρκοπούλου, Καραπάνου, Χαιρετάκη καὶ ἐν τοῖς γραφείοις τοῦ Συλλόγου.

(Ἐκ τοῦ γραφείου)

Odol
ΦΙΑΛΑΣ ΓΚΑΖΟΖ

Ἀγγλικὰς ἔφερε καὶ πωλεῖ τὸ γραφεῖον Ε. Α. Χὶλλ ἀπὸ δωρεὰν κατασκευῆς.

Ὁδὸς Σοφοκλέους 19.

ΑΝΔΡΟΝΟΠΟΥΛΟΣ - ΦΑΚΟΠΟΥΛΟΣ
Αἰόλου 72
ΑΓΓΛΙΚΑ ΚΑΣΜΗΡΙΑ ΓΝΗΣΙΑ
ΣΥΛΛΟΓΗ ΑΠΑΡΑΜΙΛΛΟΣ
ΞΕΣΤΙΔΕΣ 30°0 ΔΙ' 8 ΗΜΕΡΑΣ

Τὸ μέγα ὑποδηματοποιεῖον Ι. Δ. ΤΣΑΜΗ χάριν τῶν ἑορτῶν καὶ ὀλίγων αὐτῶν ἐκπτώσεων θέτει ὑπὸ ὄψιν τοῦ κοινοῦ 30 εἰς 5000 ζεύγη ὑποδημάτων. Μπότες ἀληθινοδεμένα μὲ μόνον 40 δραχμάς.

Πωλοῦνται ἔπιπλα τραπεζαρίας καὶ καθέδραι. Ὁδὸς Ὁμήρου 36Α. Ὥρα ἐπισκέψεως ἀπὸ 3—5 μ. μ.

Ζητεῖται γεωργὸς μὲ κοινὴν κατοικίαν. Ὁδὸς Γεωργίου Σταύρου 29.

Ἀπωλέσθη τὴν παραμονὴν τοῦ Εὐαγγελισμοῦ ἀργυροῦν ὡρολόγιον. Ὁ εὑρὼν ἀμείβεται παραδίδων αὐτὸ εἰς τὸ γραφεῖον μας.

Ἐνοικιάζεται μαγαζεῖον παρὰ τῇ ὁδῷ Εὐριπίδου 63, πλησίον τῆς πλατείας Καπνικαρέας.

ΑΓΓΛΙΚΑ
ΚΑΣΜΗΡΙΑ
Στου ΧΡΥΣΙΚΟΠΟΥΛΟΥ
